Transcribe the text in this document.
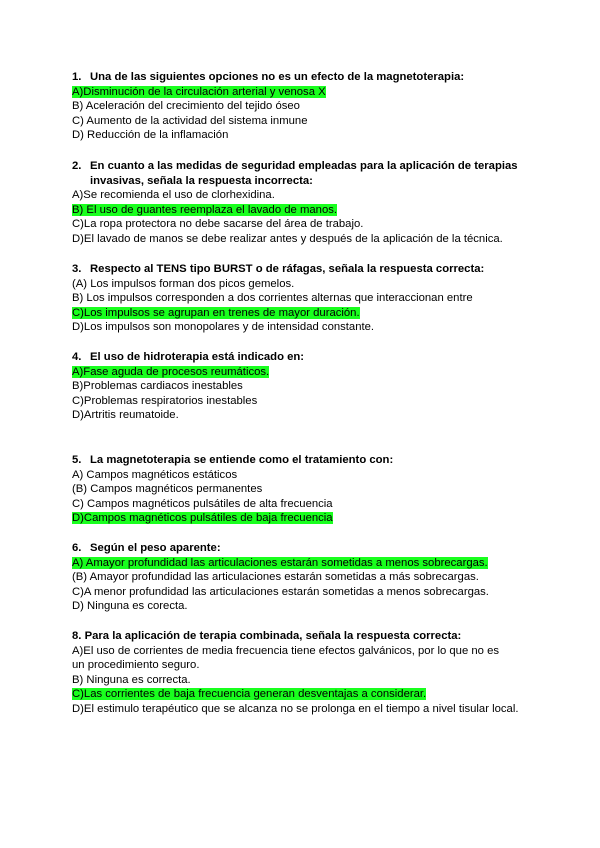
1. Una de las siguientes opciones no es un efecto de la magnetoterapia:

A)Disminución de la circulación arterial y venosa X

B) Aceleración del crecimiento del tejido óseo

C) Aumento de la actividad del sistema inmune

D) Reducción de la inflamación

2. En cuanto a las medidas de seguridad empleadas para la aplicación de terapias invasivas, señala la respuesta incorrecta:

A)Se recomienda el uso de clorhexidina.

B) El uso de guantes reemplaza el lavado de manos.

C)La ropa protectora no debe sacarse del área de trabajo.

D)El lavado de manos se debe realizar antes y después de la aplicación de la técnica.

3. Respecto al TENS tipo BURST o de ráfagas, señala la respuesta correcta:

(A) Los impulsos forman dos picos gemelos.

B) Los impulsos corresponden a dos corrientes alternas que interaccionan entre

C)Los impulsos se agrupan en trenes de mayor duración.

D)Los impulsos son monopolares y de intensidad constante.

4. El uso de hidroterapia está indicado en:

A)Fase aguda de procesos reumáticos.

B)Problemas cardiacos inestables

C)Problemas respiratorios inestables

D)Artritis reumatoide.

5. La magnetoterapia se entiende como el tratamiento con:

A) Campos magnéticos estáticos

(B) Campos magnéticos permanentes

C) Campos magnéticos pulsátiles de alta frecuencia

D)Campos magnéticos pulsátiles de baja frecuencia

6. Según el peso aparente:

A) Amayor profundidad las articulaciones estarán sometidas a menos sobrecargas.

(B) Amayor profundidad las articulaciones estarán sometidas a más sobrecargas.

C)A menor profundidad las articulaciones estarán sometidas a menos sobrecargas.

D) Ninguna es corecta.

8. Para la aplicación de terapia combinada, señala la respuesta correcta:

A)El uso de corrientes de media frecuencia tiene efectos galvánicos, por lo que no es un procedimiento seguro.

B) Ninguna es correcta.

C)Las corrientes de baja frecuencia generan desventajas a considerar.

D)El estimulo terapéutico que se alcanza no se prolonga en el tiempo a nivel tisular local.
